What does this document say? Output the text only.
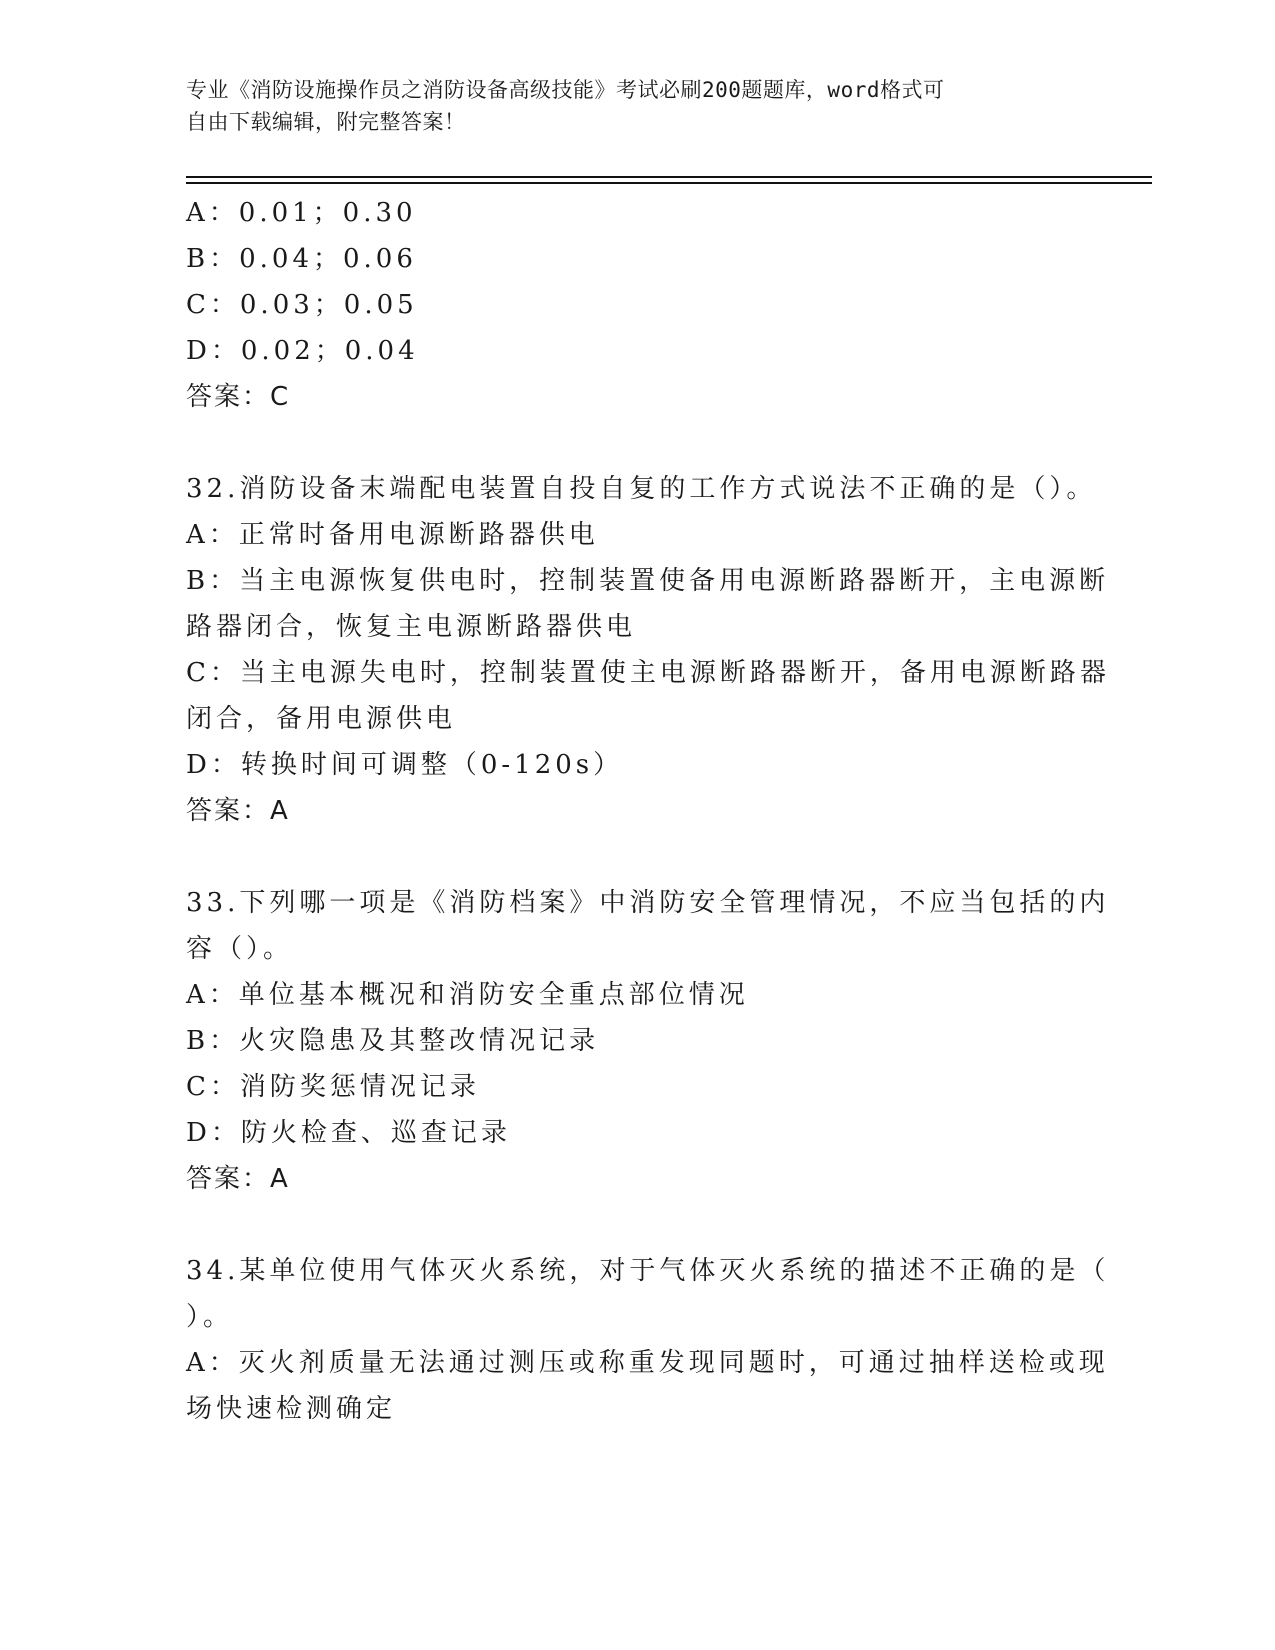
专业《消防设施操作员之消防设备高级技能》考试必刷200题题库，word格式可
自由下载编辑，附完整答案！
A：0.01；0.30
B：0.04；0.06
C：0.03；0.05
D：0.02；0.04
答案：C
32.消防设备末端配电装置自投自复的工作方式说法不正确的是（）。
A：正常时备用电源断路器供电
B：当主电源恢复供电时，控制装置使备用电源断路器断开，主电源断
路器闭合，恢复主电源断路器供电
C：当主电源失电时，控制装置使主电源断路器断开，备用电源断路器
闭合，备用电源供电
D：转换时间可调整（0-120s）
答案：A
33.下列哪一项是《消防档案》中消防安全管理情况，不应当包括的内
容（）。
A：单位基本概况和消防安全重点部位情况
B：火灾隐患及其整改情况记录
C：消防奖惩情况记录
D：防火检查、巡查记录
答案：A
34.某单位使用气体灭火系统，对于气体灭火系统的描述不正确的是（
）。
A：灭火剂质量无法通过测压或称重发现同题时，可通过抽样送检或现
场快速检测确定
